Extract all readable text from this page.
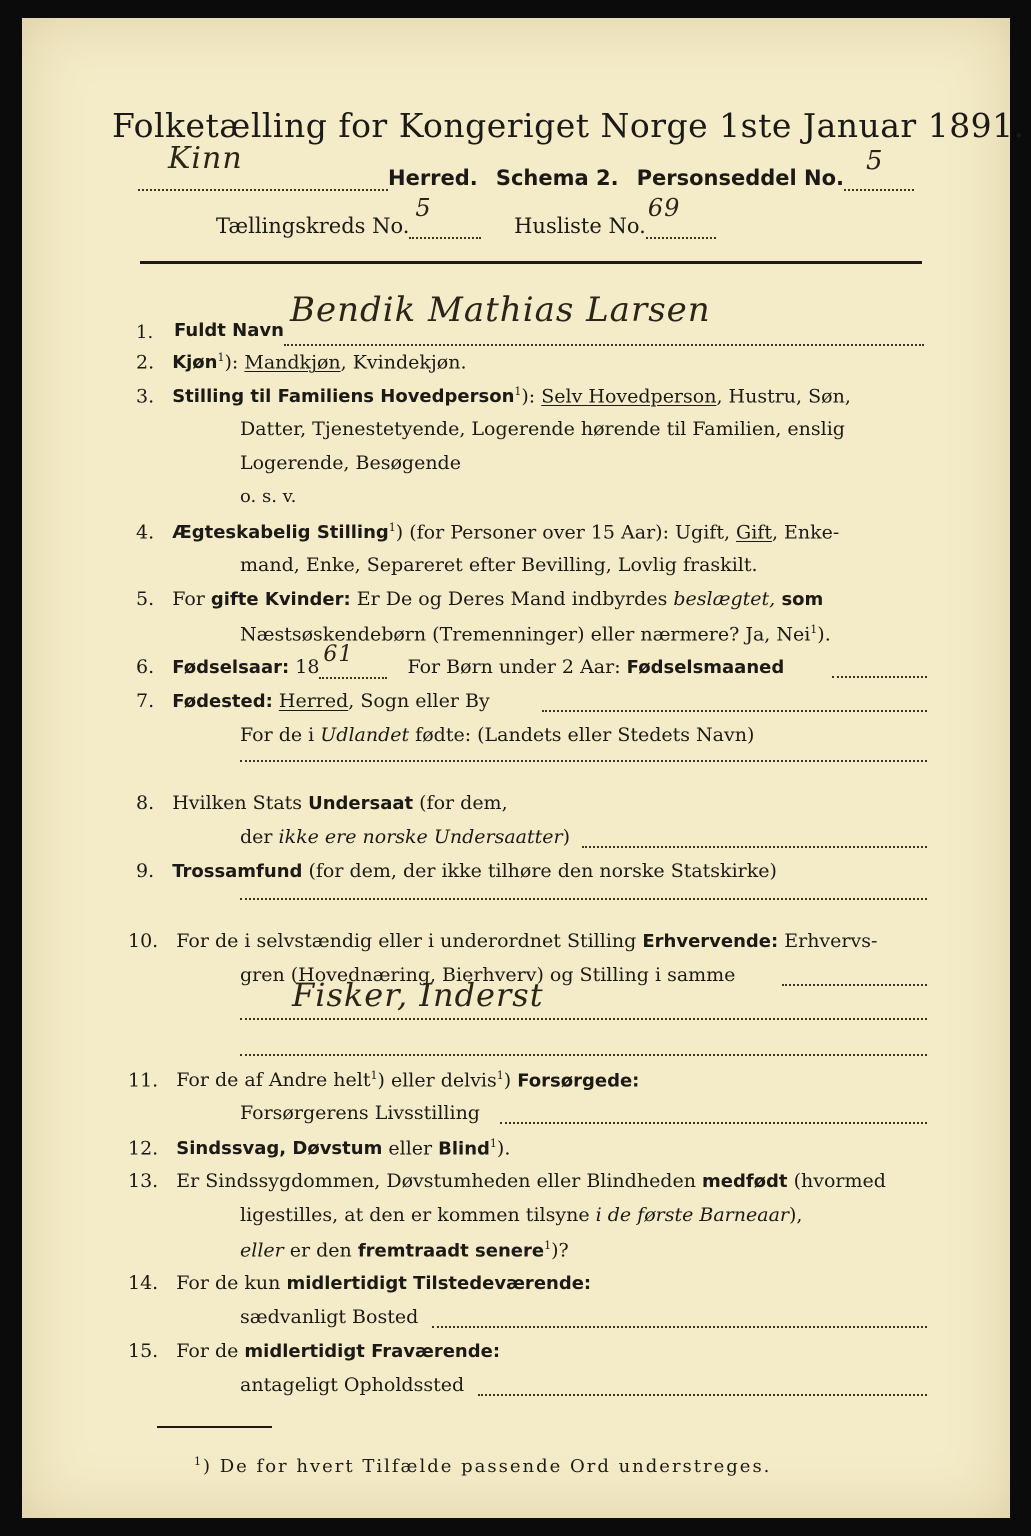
Folketælling for Kongeriget Norge 1ste Januar 1891.
Kinn
Herred. Schema 2. Personseddel No.
5

Tællingskreds No.
5
Husliste No.
69

1. Fuldt Navn
Bendik Mathias Larsen
2. Kjøn$^1$): Mandkjøn, Kvindekjøn.
3. Stilling til Familiens Hovedperson$^1$): Selv Hovedperson, Hustru, Søn,
Datter, Tjenestetyende, Logerende hørende til Familien, enslig
Logerende, Besøgende
o. s. v.
4. Ægteskabelig Stilling$^1$) (for Personer over 15 Aar): Ugift, Gift, Enke-
mand, Enke, Separeret efter Bevilling, Lovlig fraskilt.
5. For gifte Kvinder: Er De og Deres Mand indbyrdes beslægtet, som
Næstsøskendebørn (Tremenninger) eller nærmere? Ja, Nei$^1$).
6. Fødselsaar: 18 61	For Børn under 2 Aar: Fødselsmaaned
7. Fødested: Herred, Sogn eller By
For de i Udlandet fødte: (Landets eller Stedets Navn)
8. Hvilken Stats Undersaat (for dem,
der ikke ere norske Undersaatter)
9. Trossamfund (for dem, der ikke tilhøre den norske Statskirke)
10. For de i selvstændig eller i underordnet Stilling Erhvervende: Erhvervs-
gren (Hovednæring, Bierhverv) og Stilling i samme
Fisker, Inderst
11. For de af Andre helt$^1$) eller delvis$^1$) Forsørgede:
Forsørgerens Livsstilling
12. Sindssvag, Døvstum eller Blind$^1$).
13. Er Sindssygdommen, Døvstumheden eller Blindheden medfødt (hvormed
ligestilles, at den er kommen tilsyne i de første Barneaar),
eller er den fremtraadt senere$^1$)?
14. For de kun midlertidigt Tilstedeværende:
sædvanligt Bosted
15. For de midlertidigt Fraværende:
antageligt Opholdssted
$^1$) De for hvert Tilfælde passende Ord understreges.
